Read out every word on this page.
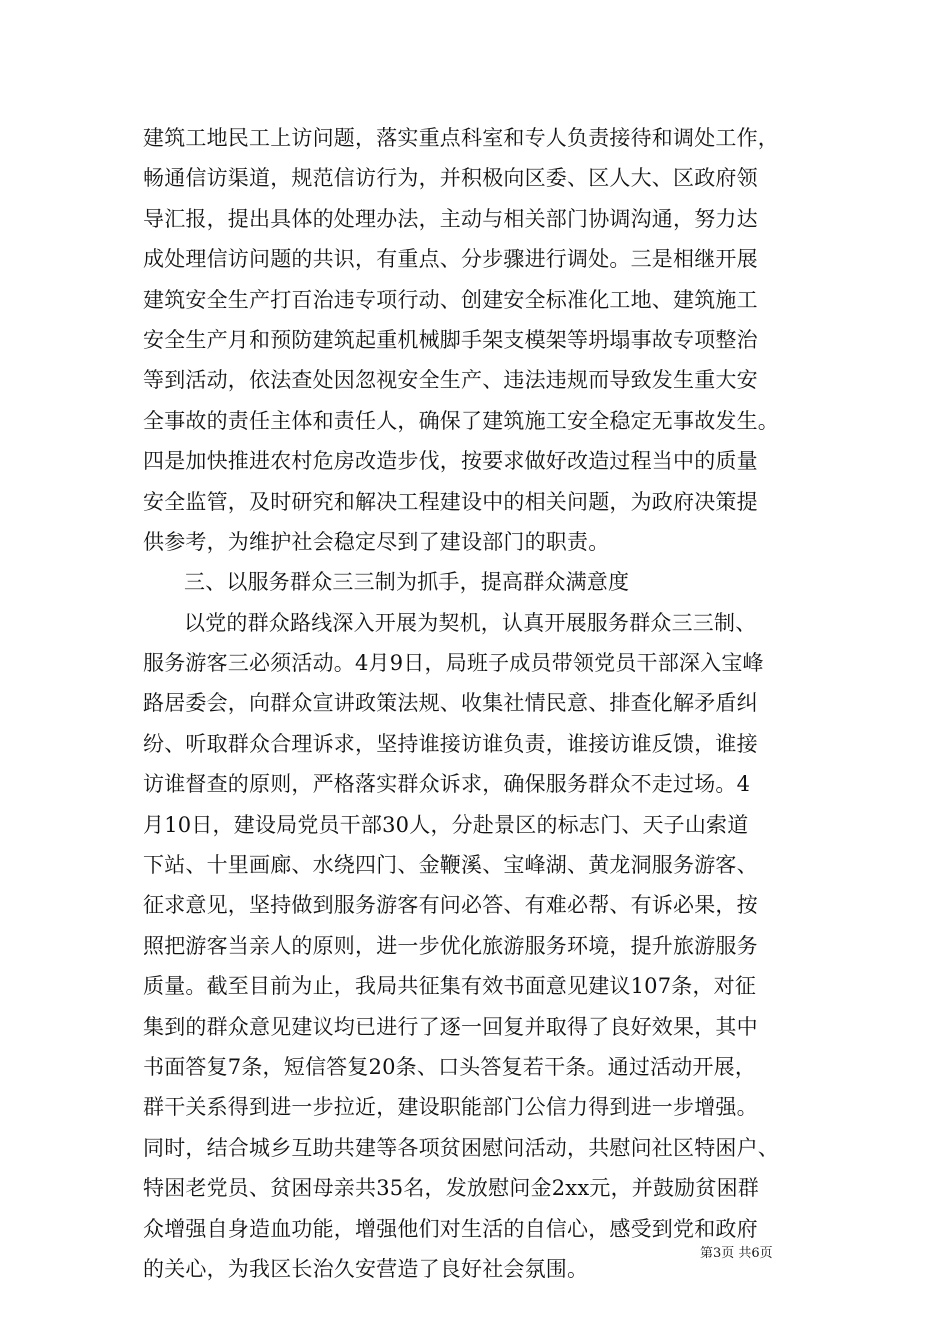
建筑工地民工上访问题，落实重点科室和专人负责接待和调处工作，
畅通信访渠道，规范信访行为，并积极向区委、区人大、区政府领
导汇报，提出具体的处理办法，主动与相关部门协调沟通，努力达
成处理信访问题的共识，有重点、分步骤进行调处。三是相继开展
建筑安全生产打百治违专项行动、创建安全标准化工地、建筑施工
安全生产月和预防建筑起重机械脚手架支模架等坍塌事故专项整治
等到活动，依法查处因忽视安全生产、违法违规而导致发生重大安
全事故的责任主体和责任人，确保了建筑施工安全稳定无事故发生。
四是加快推进农村危房改造步伐，按要求做好改造过程当中的质量
安全监管，及时研究和解决工程建设中的相关问题，为政府决策提
供参考，为维护社会稳定尽到了建设部门的职责。
三、以服务群众三三制为抓手，提高群众满意度
以党的群众路线深入开展为契机，认真开展服务群众三三制、
服务游客三必须活动。4月9日，局班子成员带领党员干部深入宝峰
路居委会，向群众宣讲政策法规、收集社情民意、排查化解矛盾纠
纷、听取群众合理诉求，坚持谁接访谁负责，谁接访谁反馈，谁接
访谁督查的原则，严格落实群众诉求，确保服务群众不走过场。4
月10日，建设局党员干部30人，分赴景区的标志门、天子山索道
下站、十里画廊、水绕四门、金鞭溪、宝峰湖、黄龙洞服务游客、
征求意见，坚持做到服务游客有问必答、有难必帮、有诉必果，按
照把游客当亲人的原则，进一步优化旅游服务环境，提升旅游服务
质量。截至目前为止，我局共征集有效书面意见建议107条，对征
集到的群众意见建议均已进行了逐一回复并取得了良好效果，其中
书面答复7条，短信答复20条、口头答复若干条。通过活动开展，
群干关系得到进一步拉近，建设职能部门公信力得到进一步增强。
同时，结合城乡互助共建等各项贫困慰问活动，共慰问社区特困户、
特困老党员、贫困母亲共35名，发放慰问金2xx元，并鼓励贫困群
众增强自身造血功能，增强他们对生活的自信心，感受到党和政府
的关心，为我区长治久安营造了良好社会氛围。
第3页 共6页
